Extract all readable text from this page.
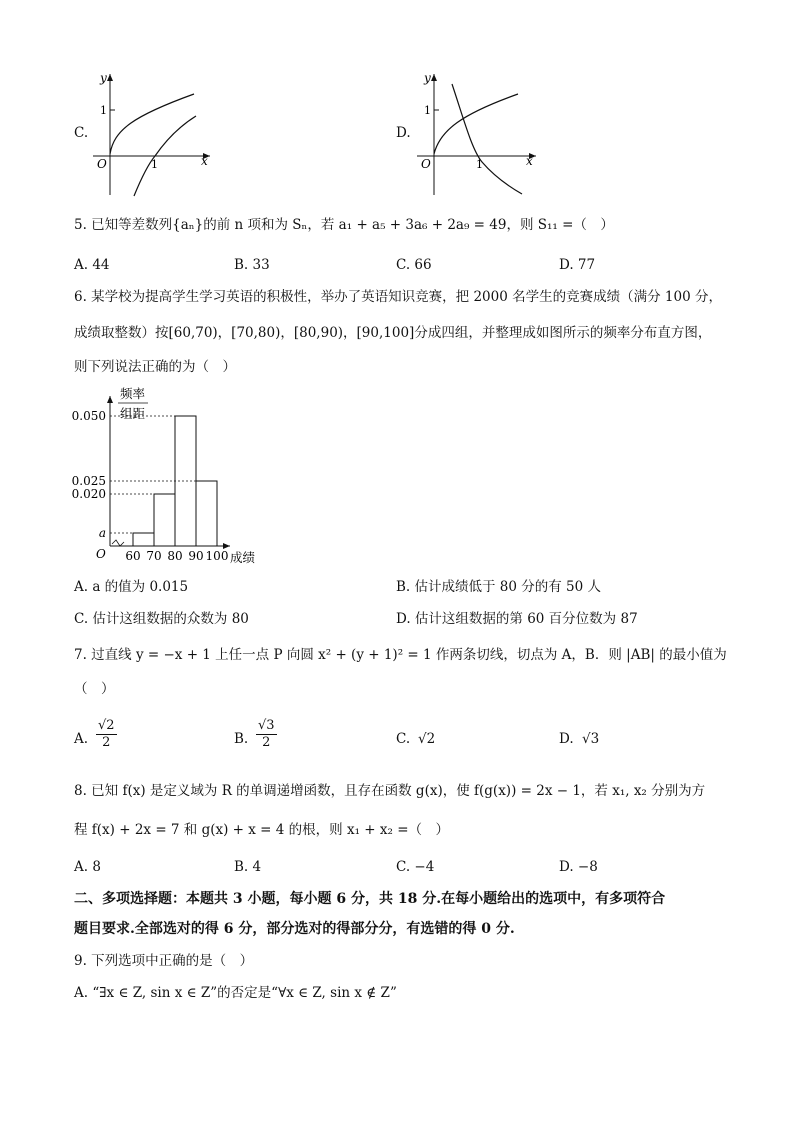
C.
y
x
O
1
1
D.
y
x
O
1
1
5. 已知等差数列{aₙ}的前 n 项和为 Sₙ，若 a₁ + a₅ + 3a₆ + 2a₉ = 49，则 S₁₁ =（　）
A. 44	B. 33	C. 66	D. 77
6. 某学校为提高学生学习英语的积极性，举办了英语知识竞赛，把 2000 名学生的竞赛成绩（满分 100 分，
成绩取整数）按[60,70)，[70,80)，[80,90)，[90,100]分成四组，并整理成如图所示的频率分布直方图，
则下列说法正确的为（　）
a
0.020
0.025
0.050
60 70 80 90 100
频率
组距
成绩
O
A. a 的值为 0.015	B. 估计成绩低于 80 分的有 50 人
C. 估计这组数据的众数为 80	D. 估计这组数据的第 60 百分位数为 87
7. 过直线 y = −x + 1 上任一点 P 向圆 x² + (y + 1)² = 1 作两条切线，切点为 A，B．则 |AB| 的最小值为
（　）
A.
√2
2	B.
√3
2	C. √2	D. √3
8. 已知 f(x) 是定义域为 R 的单调递增函数，且存在函数 g(x)，使 f(g(x)) = 2x − 1，若 x₁, x₂ 分别为方
程 f(x) + 2x = 7 和 g(x) + x = 4 的根，则 x₁ + x₂ =（　）
A. 8	B. 4	C. −4	D. −8
二、多项选择题：本题共 3 小题，每小题 6 分，共 18 分.在每小题给出的选项中，有多项符合
题目要求.全部选对的得 6 分，部分选对的得部分分，有选错的得 0 分.
9. 下列选项中正确的是（　）
A. “∃x ∈ Z, sin x ∈ Z”的否定是“∀x ∈ Z, sin x ∉ Z”
